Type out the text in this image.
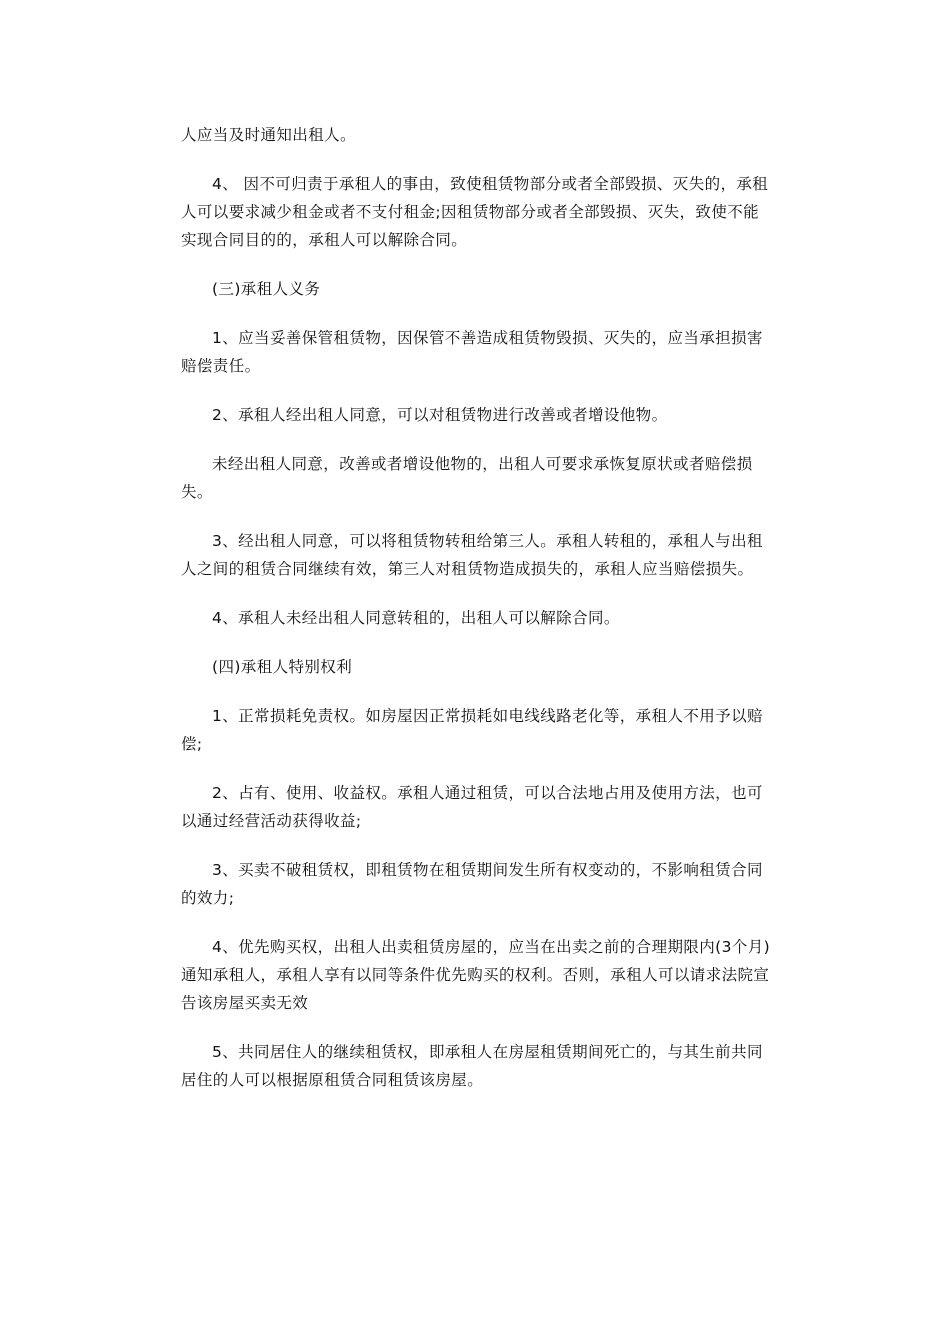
人应当及时通知出租人。

4、 因不可归责于承租人的事由，致使租赁物部分或者全部毁损、灭失的，承租人可以要求减少租金或者不支付租金;因租赁物部分或者全部毁损、灭失，致使不能实现合同目的的，承租人可以解除合同。

(三)承租人义务

1、应当妥善保管租赁物，因保管不善造成租赁物毁损、灭失的，应当承担损害赔偿责任。

2、承租人经出租人同意，可以对租赁物进行改善或者增设他物。

未经出租人同意，改善或者增设他物的，出租人可要求承恢复原状或者赔偿损失。

3、经出租人同意，可以将租赁物转租给第三人。承租人转租的，承租人与出租人之间的租赁合同继续有效，第三人对租赁物造成损失的，承租人应当赔偿损失。

4、承租人未经出租人同意转租的，出租人可以解除合同。

(四)承租人特别权利

1、正常损耗免责权。如房屋因正常损耗如电线线路老化等，承租人不用予以赔偿;

2、占有、使用、收益权。承租人通过租赁，可以合法地占用及使用方法，也可以通过经营活动获得收益;

3、买卖不破租赁权，即租赁物在租赁期间发生所有权变动的，不影响租赁合同的效力;

4、优先购买权，出租人出卖租赁房屋的，应当在出卖之前的合理期限内(3个月)通知承租人，承租人享有以同等条件优先购买的权利。否则，承租人可以请求法院宣告该房屋买卖无效

5、共同居住人的继续租赁权，即承租人在房屋租赁期间死亡的，与其生前共同居住的人可以根据原租赁合同租赁该房屋。
